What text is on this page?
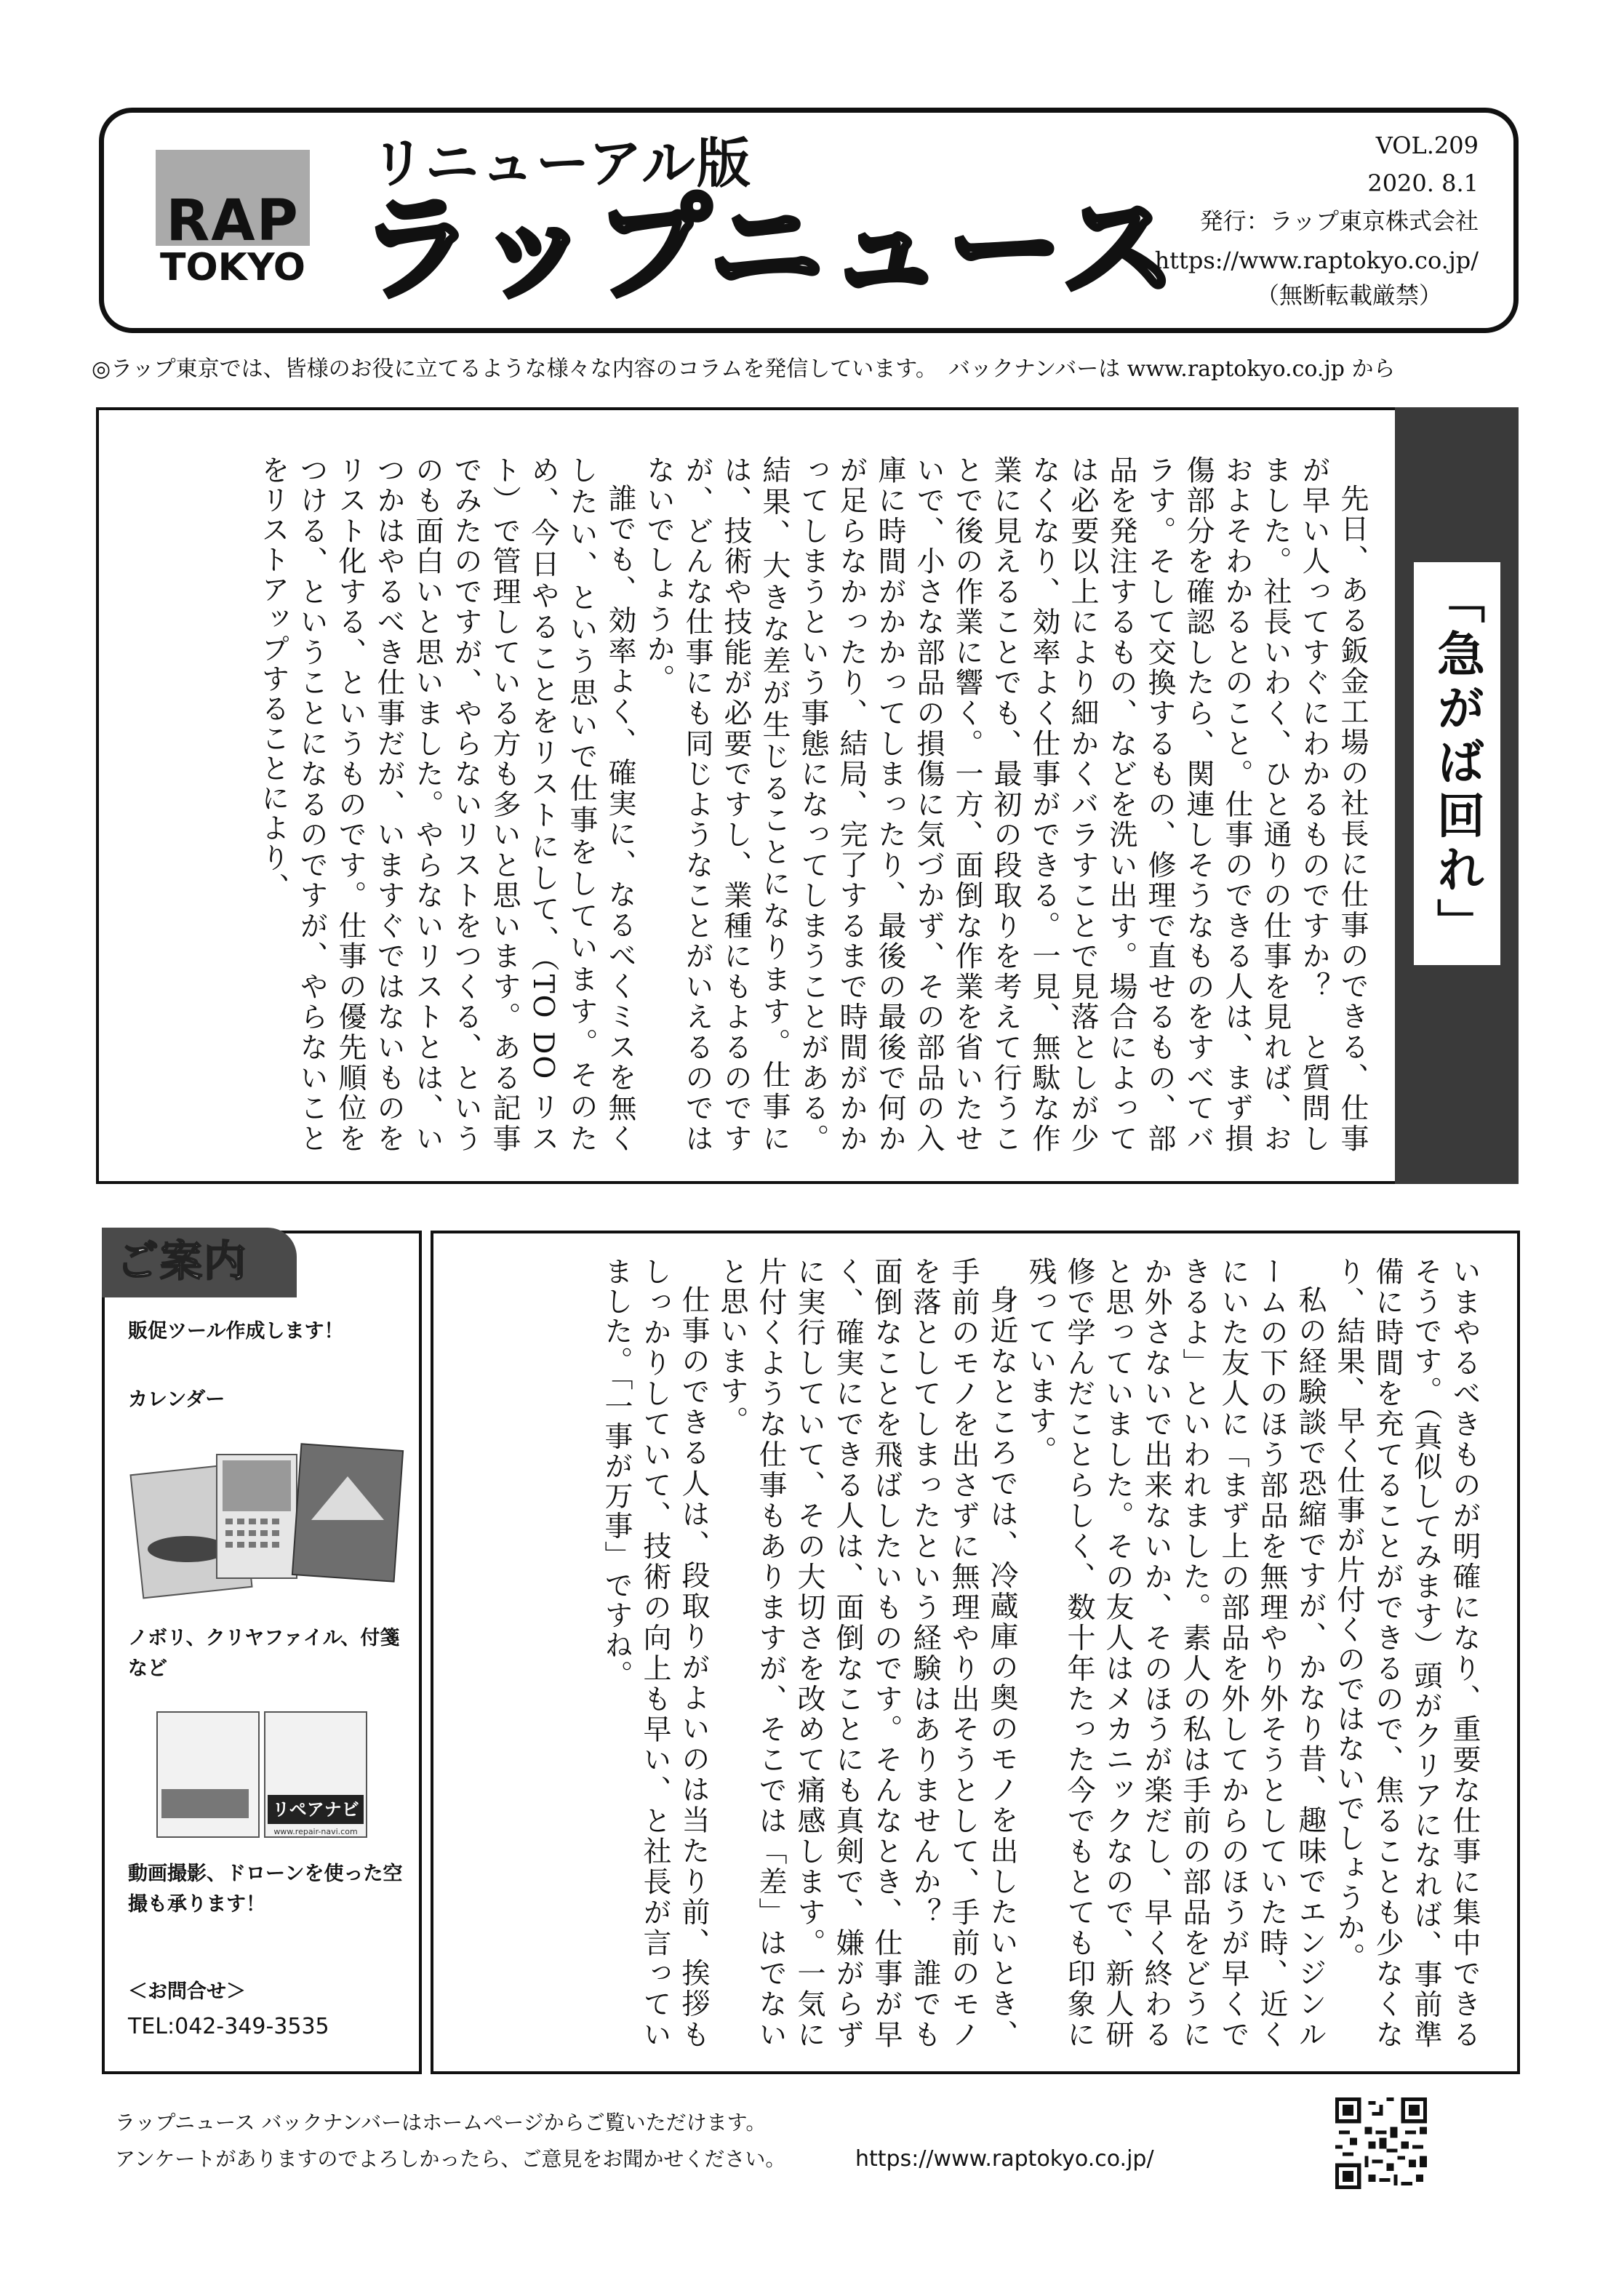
RAP
TOKYO
リニューアル版
ラップニュース
VOL.209
2020. 8.1
発行：ラップ東京株式会社
https://www.raptokyo.co.jp/
（無断転載厳禁）
◎ラップ東京では、皆様のお役に立てるような様々な内容のコラムを発信しています。　バックナンバーは www.raptokyo.co.jp から
「急がば回れ」

先日、ある鈑金工場の社長に仕事のできる、仕事が早い人ってすぐにわかるものですか？　と質問しました。社長いわく、ひと通りの仕事を見れば、おおよそわかるとのこと。仕事のできる人は、まず損傷部分を確認したら、関連しそうなものをすべてバラす。そして交換するもの、修理で直せるもの、部品を発注するもの、などを洗い出す。場合によっては必要以上により細かくバラすことで見落としが少なくなり、効率よく仕事ができる。一見、無駄な作業に見えることでも、最初の段取りを考えて行うことで後の作業に響く。一方、面倒な作業を省いたせいで、小さな部品の損傷に気づかず、その部品の入庫に時間がかかってしまったり、最後の最後で何かが足らなかったり、結局、完了するまで時間がかかってしまうという事態になってしまうことがある。結果、大きな差が生じることになります。仕事には、技術や技能が必要ですし、業種にもよるのですが、どんな仕事にも同じようなことがいえるのではないでしょうか。

誰でも、効率よく、確実に、なるべくミスを無くしたい、という思いで仕事をしています。そのため、今日やることをリストにして、（TO DO リスト）で管理している方も多いと思います。ある記事でみたのですが、やらないリストをつくる、というのも面白いと思いました。やらないリストとは、いつかはやるべき仕事だが、いますぐではないものをリスト化する、というものです。仕事の優先順位をつける、ということになるのですが、やらないことをリストアップすることにより、

ご案内
販促ツール作成します！
カレンダー
ノボリ、クリヤファイル、付箋など
リペアナビ
www.repair-navi.com
動画撮影、ドローンを使った空撮も承ります！
＜お問合せ＞
TEL:042-349-3535	いまやるべきものが明確になり、重要な仕事に集中できるそうです。（真似してみます）頭がクリアになれば、事前準備に時間を充てることができるので、焦ることも少なくなり、結果、早く仕事が片付くのではないでしょうか。

私の経験談で恐縮ですが、かなり昔、趣味でエンジンルームの下のほう部品を無理やり外そうとしていた時、近くにいた友人に「まず上の部品を外してからのほうが早くできるよ」といわれました。素人の私は手前の部品をどうにか外さないで出来ないか、そのほうが楽だし、早く終わると思っていました。その友人はメカニックなので、新人研修で学んだことらしく、数十年たった今でもとても印象に残っています。

身近なところでは、冷蔵庫の奥のモノを出したいとき、手前のモノを出さずに無理やり出そうとして、手前のモノを落としてしまったという経験はありませんか？　誰でも面倒なことを飛ばしたいものです。そんなとき、仕事が早く、確実にできる人は、面倒なことにも真剣で、嫌がらずに実行していて、その大切さを改めて痛感します。一気に片付くような仕事もありますが、そこでは「差」はでないと思います。

仕事のできる人は、段取りがよいのは当たり前、挨拶もしっかりしていて、技術の向上も早い、と社長が言っていました。「一事が万事」ですね。

ラップニュース バックナンバーはホームページからご覧いただけます。
アンケートがありますのでよろしかったら、ご意見をお聞かせください。	https://www.raptokyo.co.jp/
